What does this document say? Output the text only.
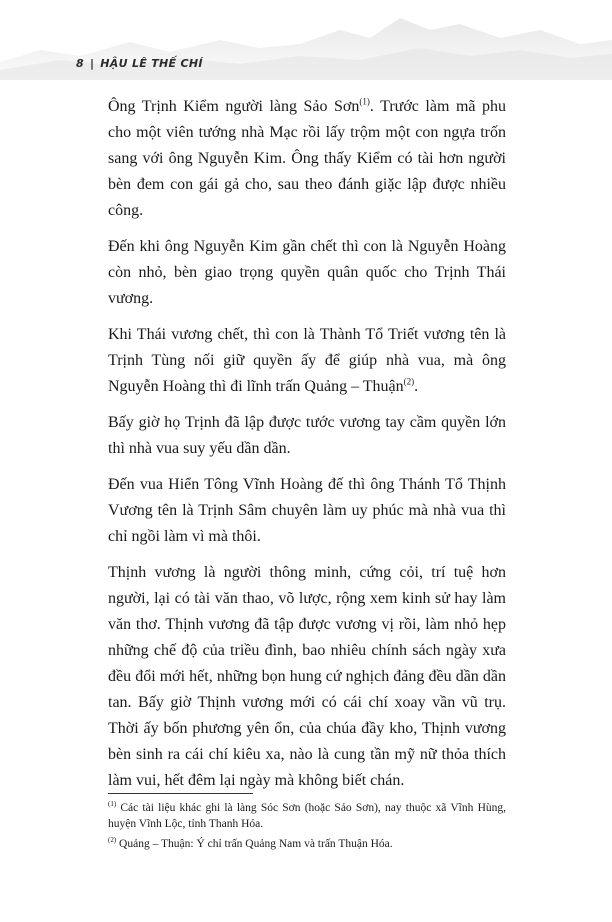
8 | HẬU LÊ THẾ CHÍ

Ông Trịnh Kiểm người làng Sảo Sơn$^{(1)}$. Trước làm mã phu cho một viên tướng nhà Mạc rồi lấy trộm một con ngựa trốn sang với ông Nguyễn Kim. Ông thấy Kiểm có tài hơn người bèn đem con gái gả cho, sau theo đánh giặc lập được nhiều công.

Đến khi ông Nguyễn Kim gần chết thì con là Nguyễn Hoàng còn nhỏ, bèn giao trọng quyền quân quốc cho Trịnh Thái vương.

Khi Thái vương chết, thì con là Thành Tổ Triết vương tên là Trịnh Tùng nối giữ quyền ấy để giúp nhà vua, mà ông Nguyễn Hoàng thì đi lĩnh trấn Quảng – Thuận$^{(2)}$.

Bấy giờ họ Trịnh đã lập được tước vương tay cầm quyền lớn thì nhà vua suy yếu dần dần.

Đến vua Hiển Tông Vĩnh Hoàng đế thì ông Thánh Tổ Thịnh Vương tên là Trịnh Sâm chuyên làm uy phúc mà nhà vua thì chỉ ngồi làm vì mà thôi.

Thịnh vương là người thông minh, cứng cỏi, trí tuệ hơn người, lại có tài văn thao, võ lược, rộng xem kinh sử hay làm văn thơ. Thịnh vương đã tập được vương vị rồi, làm nhỏ hẹp những chế độ của triều đình, bao nhiêu chính sách ngày xưa đều đổi mới hết, những bọn hung cứ nghịch đảng đều dần dần tan. Bấy giờ Thịnh vương mới có cái chí xoay vần vũ trụ. Thời ấy bốn phương yên ổn, của chúa đầy kho, Thịnh vương bèn sinh ra cái chí kiêu xa, nào là cung tần mỹ nữ thỏa thích làm vui, hết đêm lại ngày mà không biết chán.

$^{(1)}$ Các tài liệu khác ghi là làng Sóc Sơn (hoặc Sảo Sơn), nay thuộc xã Vĩnh Hùng, huyện Vĩnh Lộc, tỉnh Thanh Hóa.

$^{(2)}$ Quảng – Thuận: Ý chỉ trấn Quảng Nam và trấn Thuận Hóa.
